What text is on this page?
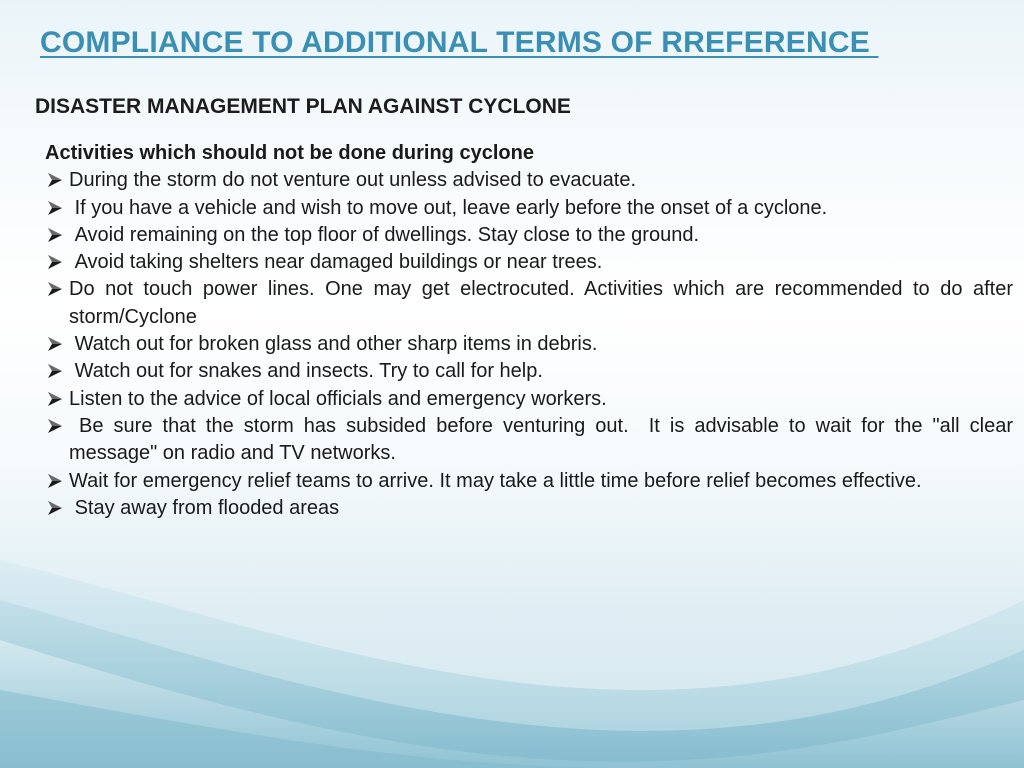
COMPLIANCE TO ADDITIONAL TERMS OF RREFERENCE
DISASTER MANAGEMENT PLAN AGAINST CYCLONE
Activities which should not be done during cyclone
During the storm do not venture out unless advised to evacuate.
If you have a vehicle and wish to move out, leave early before the onset of a cyclone.
Avoid remaining on the top floor of dwellings. Stay close to the ground.
Avoid taking shelters near damaged buildings or near trees.
Do not touch power lines. One may get electrocuted. Activities which are recommended to do after storm/Cyclone
Watch out for broken glass and other sharp items in debris.
Watch out for snakes and insects. Try to call for help.
Listen to the advice of local officials and emergency workers.
Be sure that the storm has subsided before venturing out.  It is advisable to wait for the "all clear message" on radio and TV networks.
Wait for emergency relief teams to arrive. It may take a little time before relief becomes effective.
Stay away from flooded areas
